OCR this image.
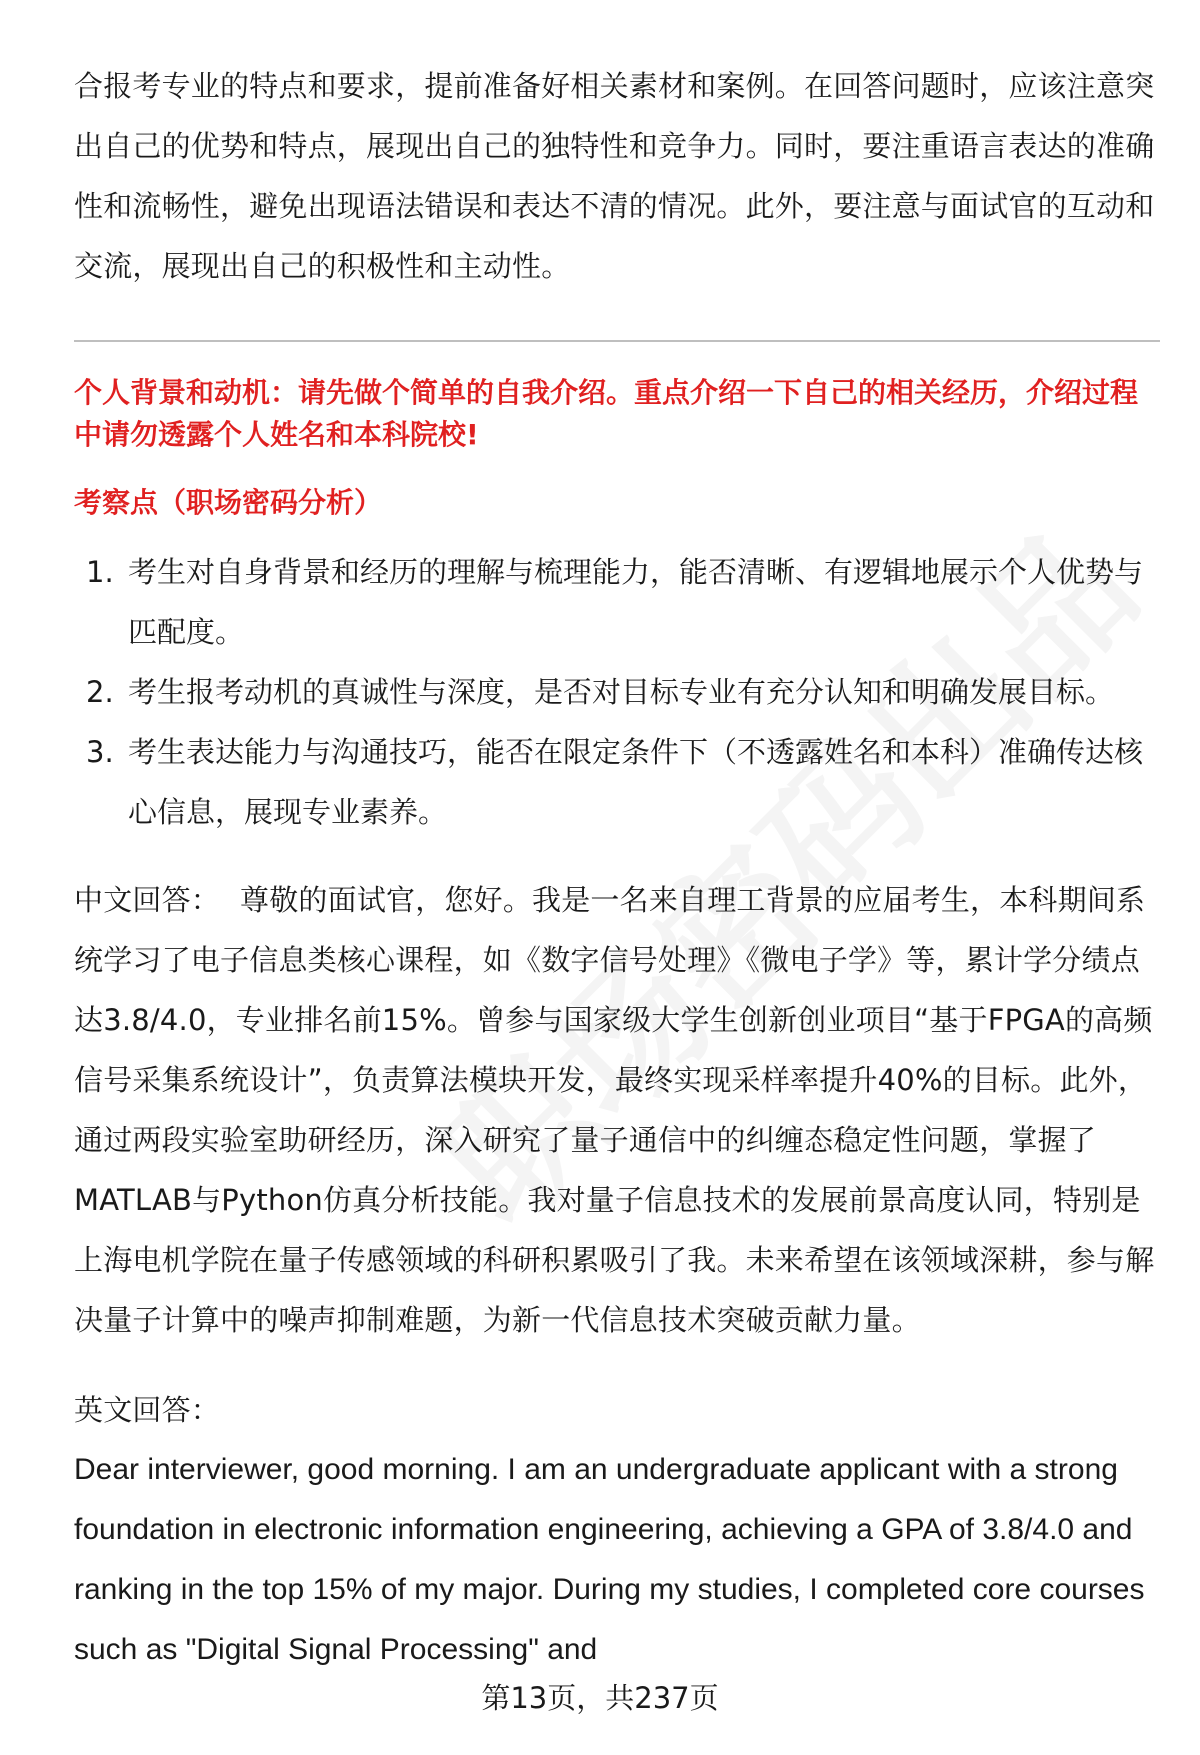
合报考专业的特点和要求，提前准备好相关素材和案例。在回答问题时，应该注意突出自己的优势和特点，展现出自己的独特性和竞争力。同时，要注重语言表达的准确性和流畅性，避免出现语法错误和表达不清的情况。此外，要注意与面试官的互动和交流，展现出自己的积极性和主动性。

个人背景和动机：请先做个简单的自我介绍。重点介绍一下自己的相关经历，介绍过程中请勿透露个人姓名和本科院校!

考察点（职场密码分析）

1. 考生对自身背景和经历的理解与梳理能力，能否清晰、有逻辑地展示个人优势与匹配度。
2. 考生报考动机的真诚性与深度，是否对目标专业有充分认知和明确发展目标。
3. 考生表达能力与沟通技巧，能否在限定条件下（不透露姓名和本科）准确传达核心信息，展现专业素养。

中文回答： 尊敬的面试官，您好。我是一名来自理工背景的应届考生，本科期间系统学习了电子信息类核心课程，如《数字信号处理》《微电子学》等，累计学分绩点达3.8/4.0，专业排名前15%。曾参与国家级大学生创新创业项目“基于FPGA的高频信号采集系统设计”，负责算法模块开发，最终实现采样率提升40%的目标。此外，通过两段实验室助研经历，深入研究了量子通信中的纠缠态稳定性问题，掌握了MATLAB与Python仿真分析技能。我对量子信息技术的发展前景高度认同，特别是上海电机学院在量子传感领域的科研积累吸引了我。未来希望在该领域深耕，参与解决量子计算中的噪声抑制难题，为新一代信息技术突破贡献力量。

英文回答：

Dear interviewer, good morning. I am an undergraduate applicant with a strong foundation in electronic information engineering, achieving a GPA of 3.8/4.0 and ranking in the top 15% of my major. During my studies, I completed core courses such as "Digital Signal Processing" and

第13页，共237页
